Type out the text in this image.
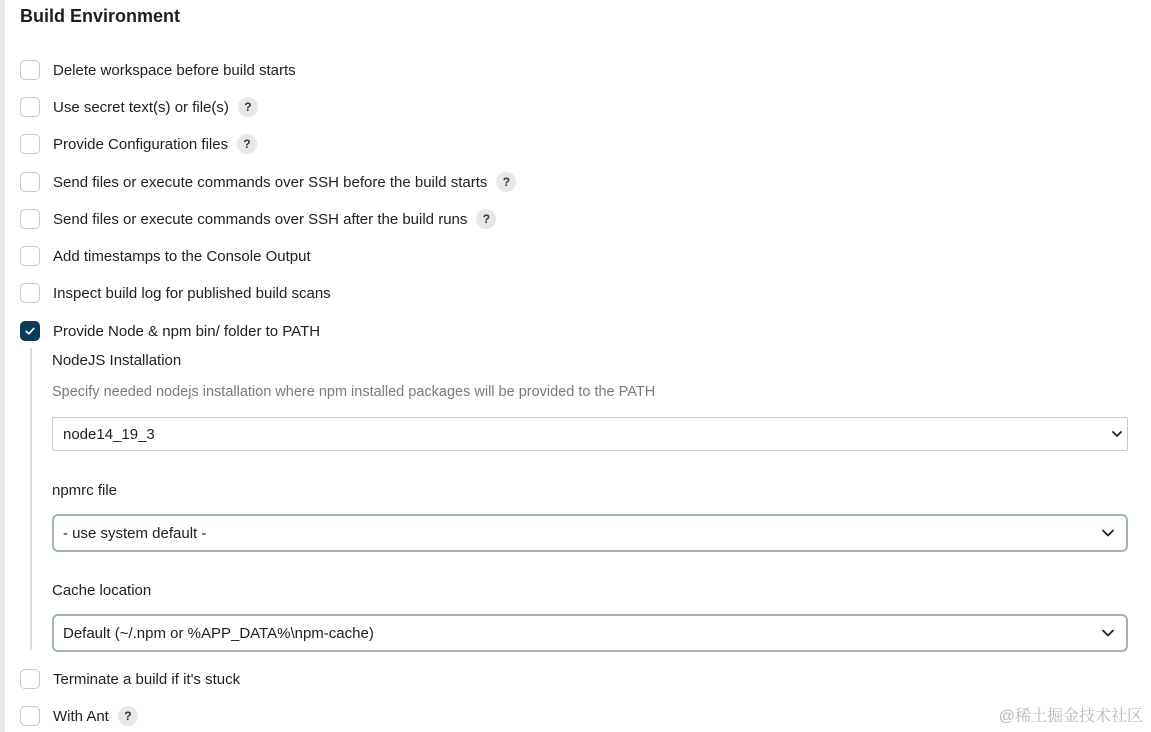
Build Environment
Delete workspace before build starts
Use secret text(s) or file(s)	?
Provide Configuration files	?
Send files or execute commands over SSH before the build starts	?
Send files or execute commands over SSH after the build runs	?
Add timestamps to the Console Output
Inspect build log for published build scans
Provide Node & npm bin/ folder to PATH

NodeJS Installation

Specify needed nodejs installation where npm installed packages will be provided to the PATH

node14_19_3

npmrc file

- use system default -

Cache location

Default (~/.npm or %APP_DATA%\npm-cache)
Terminate a build if it's stuck
With Ant	?	@稀土掘金技术社区
